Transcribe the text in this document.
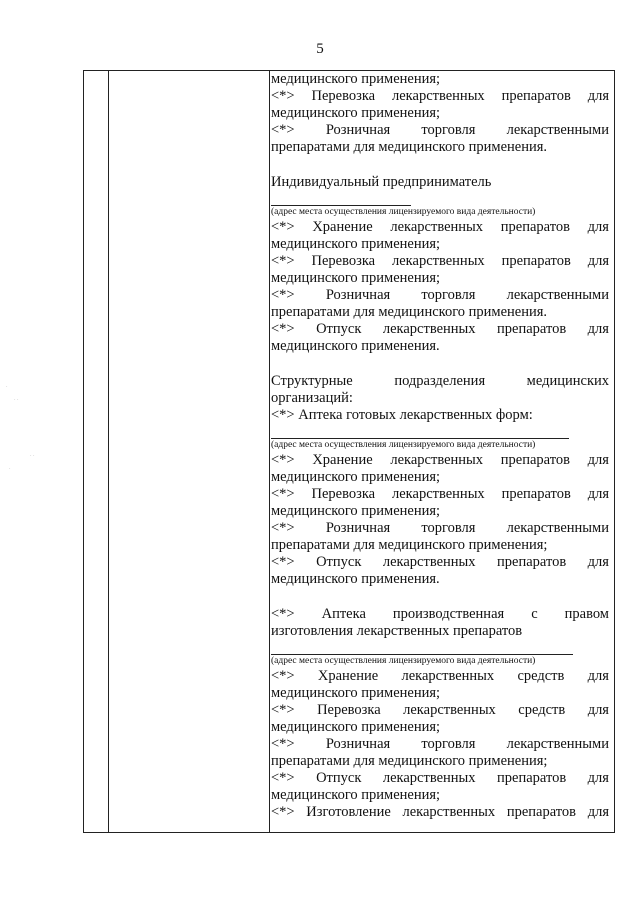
5
.
. .
. .
.
медицинского применения;
<*> Перевозка лекарственных препаратов для
медицинского применения;
<*> Розничная торговля лекарственными
препаратами для медицинского применения.
Индивидуальный предприниматель
(адрес места осуществления лицензируемого вида деятельности)
<*> Хранение лекарственных препаратов для
медицинского применения;
<*> Перевозка лекарственных препаратов для
медицинского применения;
<*> Розничная торговля лекарственными
препаратами для медицинского применения.
<*> Отпуск лекарственных препаратов для
медицинского применения.
Структурные	подразделения	медицинских
организаций:
<*> Аптека готовых лекарственных форм:
(адрес места осуществления лицензируемого вида деятельности)
<*> Хранение лекарственных препаратов для
медицинского применения;
<*> Перевозка лекарственных препаратов для
медицинского применения;
<*> Розничная торговля лекарственными
препаратами для медицинского применения;
<*> Отпуск лекарственных препаратов для
медицинского применения.
<*> Аптека производственная с правом
изготовления лекарственных препаратов
(адрес места осуществления лицензируемого вида деятельности)
<*> Хранение лекарственных средств для
медицинского применения;
<*> Перевозка лекарственных средств для
медицинского применения;
<*> Розничная торговля лекарственными
препаратами для медицинского применения;
<*> Отпуск лекарственных препаратов для
медицинского применения;
<*> Изготовление лекарственных препаратов для
